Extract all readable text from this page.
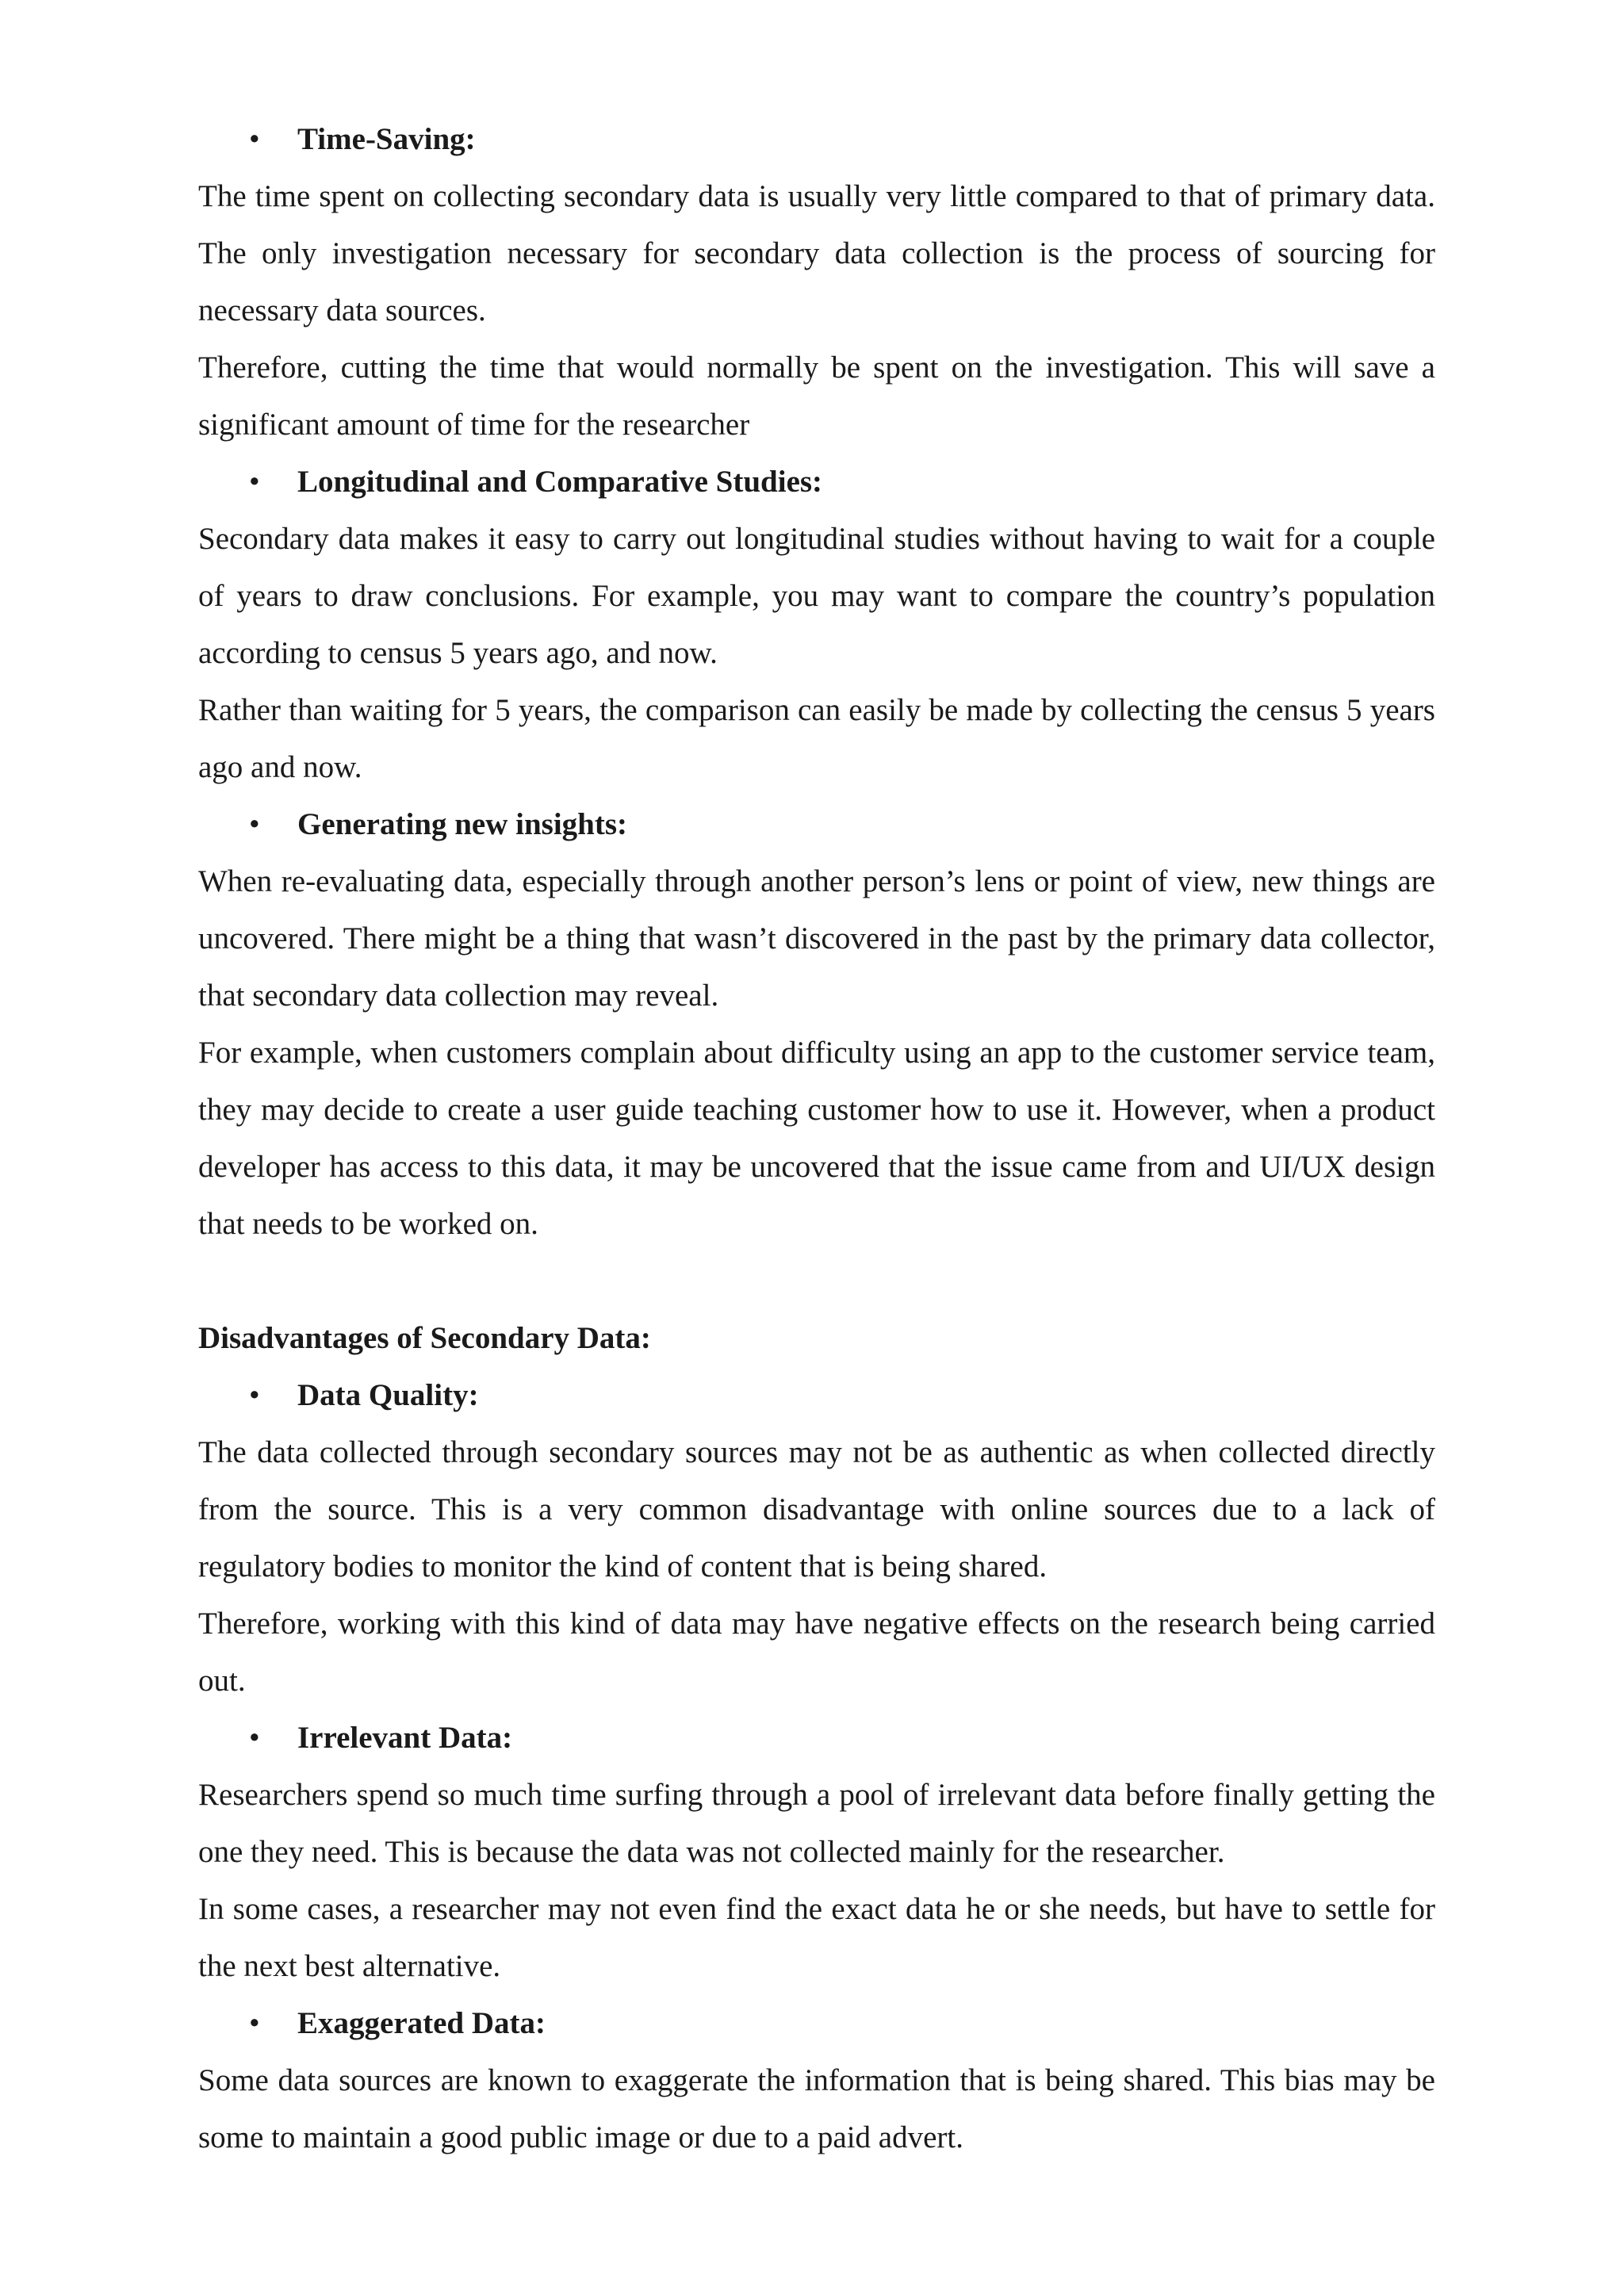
• Time-Saving:

The time spent on collecting secondary data is usually very little compared to that of primary data. The only investigation necessary for secondary data collection is the process of sourcing for necessary data sources.

Therefore, cutting the time that would normally be spent on the investigation. This will save a significant amount of time for the researcher

• Longitudinal and Comparative Studies:

Secondary data makes it easy to carry out longitudinal studies without having to wait for a couple of years to draw conclusions. For example, you may want to compare the country’s population according to census 5 years ago, and now.

Rather than waiting for 5 years, the comparison can easily be made by collecting the census 5 years ago and now.

• Generating new insights:

When re-evaluating data, especially through another person’s lens or point of view, new things are uncovered. There might be a thing that wasn’t discovered in the past by the primary data collector, that secondary data collection may reveal.

For example, when customers complain about difficulty using an app to the customer service team, they may decide to create a user guide teaching customer how to use it. However, when a product developer has access to this data, it may be uncovered that the issue came from and UI/UX design that needs to be worked on.

Disadvantages of Secondary Data:
• Data Quality:

The data collected through secondary sources may not be as authentic as when collected directly from the source. This is a very common disadvantage with online sources due to a lack of regulatory bodies to monitor the kind of content that is being shared.

Therefore, working with this kind of data may have negative effects on the research being carried out.

• Irrelevant Data:

Researchers spend so much time surfing through a pool of irrelevant data before finally getting the one they need. This is because the data was not collected mainly for the researcher.

In some cases, a researcher may not even find the exact data he or she needs, but have to settle for the next best alternative.

• Exaggerated Data:

Some data sources are known to exaggerate the information that is being shared. This bias may be some to maintain a good public image or due to a paid advert.
